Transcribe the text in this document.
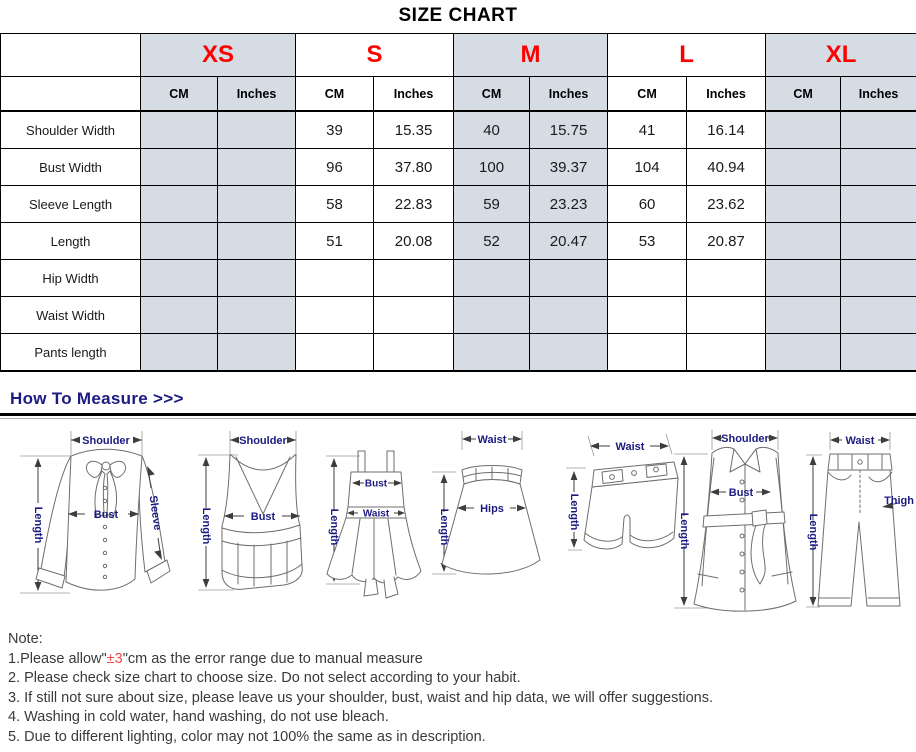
SIZE CHART
	XS		S		M		L		XL	
	CM	Inches	CM	Inches	CM	Inches	CM	Inches	CM	Inches
Shoulder Width			39	15.35	40	15.75	41	16.14		
Bust Width			96	37.80	100	39.37	104	40.94		
Sleeve Length			58	22.83	59	23.23	60	23.62		
Length			51	20.08	52	20.47	53	20.87		
Hip Width										
Waist Width										
Pants length										
How To Measure >>>
Shoulder
Bust	Sleeve
Length
Shoulder
Bust
Length
Bust
Waist
Length
Waist
Hips
Length
Waist
Length
Shoulder
Bust
Length
Waist
Thigh
Length
Note:
1.Please allow"±3"cm as the error range due to manual measure
2. Please check size chart to choose size. Do not select according to your habit.
3. If still not sure about size, please leave us your shoulder, bust, waist and hip data, we will offer suggestions.
4. Washing in cold water, hand washing, do not use bleach.
5. Due to different lighting, color may not 100% the same as in description.
